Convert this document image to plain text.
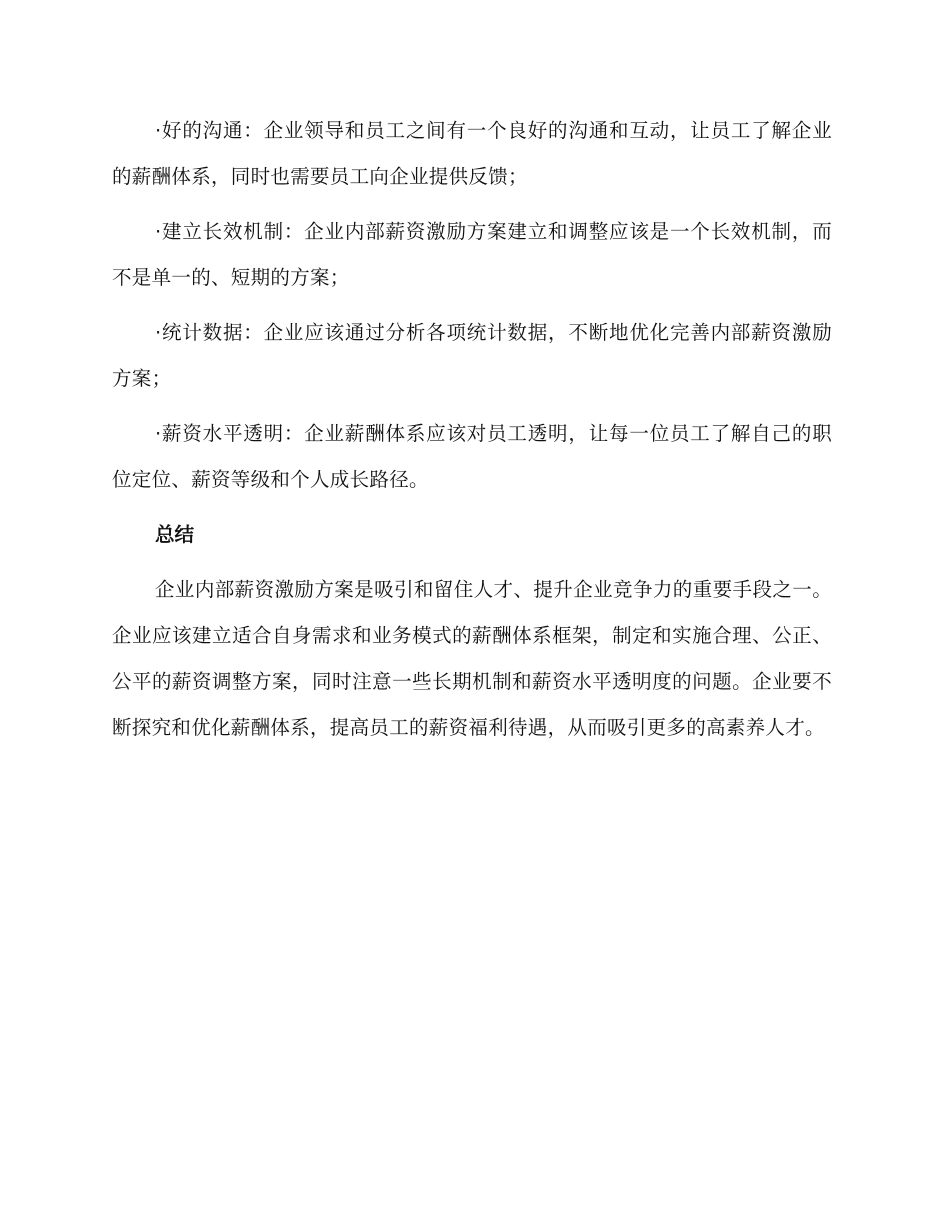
·好的沟通：企业领导和员工之间有一个良好的沟通和互动，让员工了解企业的薪酬体系，同时也需要员工向企业提供反馈；

·建立长效机制：企业内部薪资激励方案建立和调整应该是一个长效机制，而不是单一的、短期的方案；

·统计数据：企业应该通过分析各项统计数据，不断地优化完善内部薪资激励方案；

·薪资水平透明：企业薪酬体系应该对员工透明，让每一位员工了解自己的职位定位、薪资等级和个人成长路径。

总结

企业内部薪资激励方案是吸引和留住人才、提升企业竞争力的重要手段之一。企业应该建立适合自身需求和业务模式的薪酬体系框架，制定和实施合理、公正、公平的薪资调整方案，同时注意一些长期机制和薪资水平透明度的问题。企业要不断探究和优化薪酬体系，提高员工的薪资福利待遇，从而吸引更多的高素养人才。
